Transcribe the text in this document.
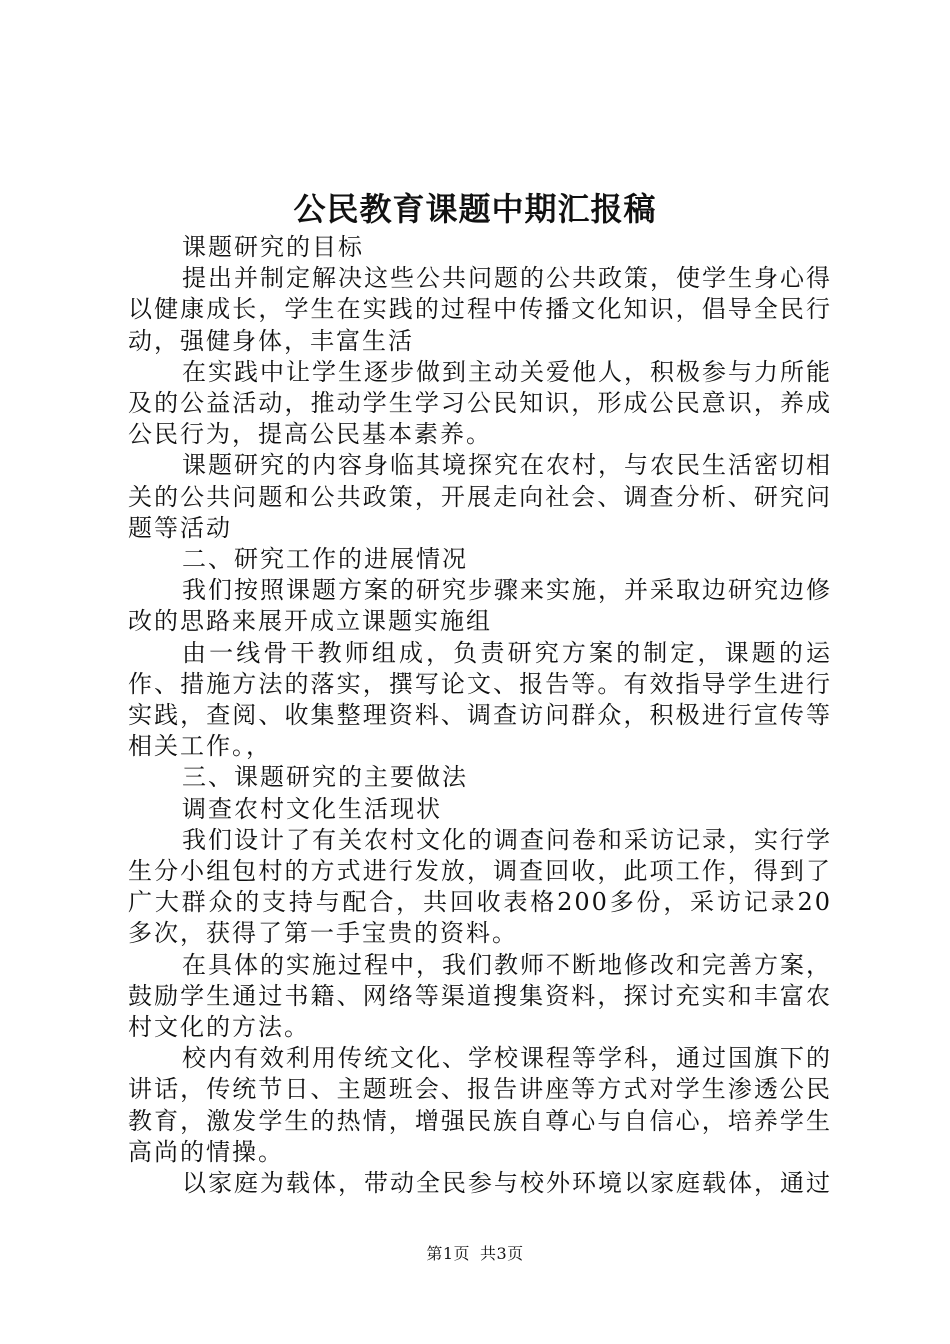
公民教育课题中期汇报稿

课题研究的目标

提出并制定解决这些公共问题的公共政策，使学生身心得以健康成长，学生在实践的过程中传播文化知识，倡导全民行动，强健身体，丰富生活

在实践中让学生逐步做到主动关爱他人，积极参与力所能及的公益活动，推动学生学习公民知识，形成公民意识，养成公民行为，提高公民基本素养。

课题研究的内容身临其境探究在农村，与农民生活密切相关的公共问题和公共政策，开展走向社会、调查分析、研究问题等活动

二、研究工作的进展情况

我们按照课题方案的研究步骤来实施，并采取边研究边修改的思路来展开成立课题实施组

由一线骨干教师组成，负责研究方案的制定，课题的运作、措施方法的落实，撰写论文、报告等。有效指导学生进行实践，查阅、收集整理资料、调查访问群众，积极进行宣传等相关工作。，

三、课题研究的主要做法

调查农村文化生活现状

我们设计了有关农村文化的调查问卷和采访记录，实行学生分小组包村的方式进行发放，调查回收，此项工作，得到了广大群众的支持与配合，共回收表格200多份，采访记录20多次，获得了第一手宝贵的资料。

在具体的实施过程中，我们教师不断地修改和完善方案，鼓励学生通过书籍、网络等渠道搜集资料，探讨充实和丰富农村文化的方法。

校内有效利用传统文化、学校课程等学科，通过国旗下的讲话，传统节日、主题班会、报告讲座等方式对学生渗透公民教育，激发学生的热情，增强民族自尊心与自信心，培养学生高尚的情操。

以家庭为载体，带动全民参与校外环境以家庭载体，通过

第1页 共3页
